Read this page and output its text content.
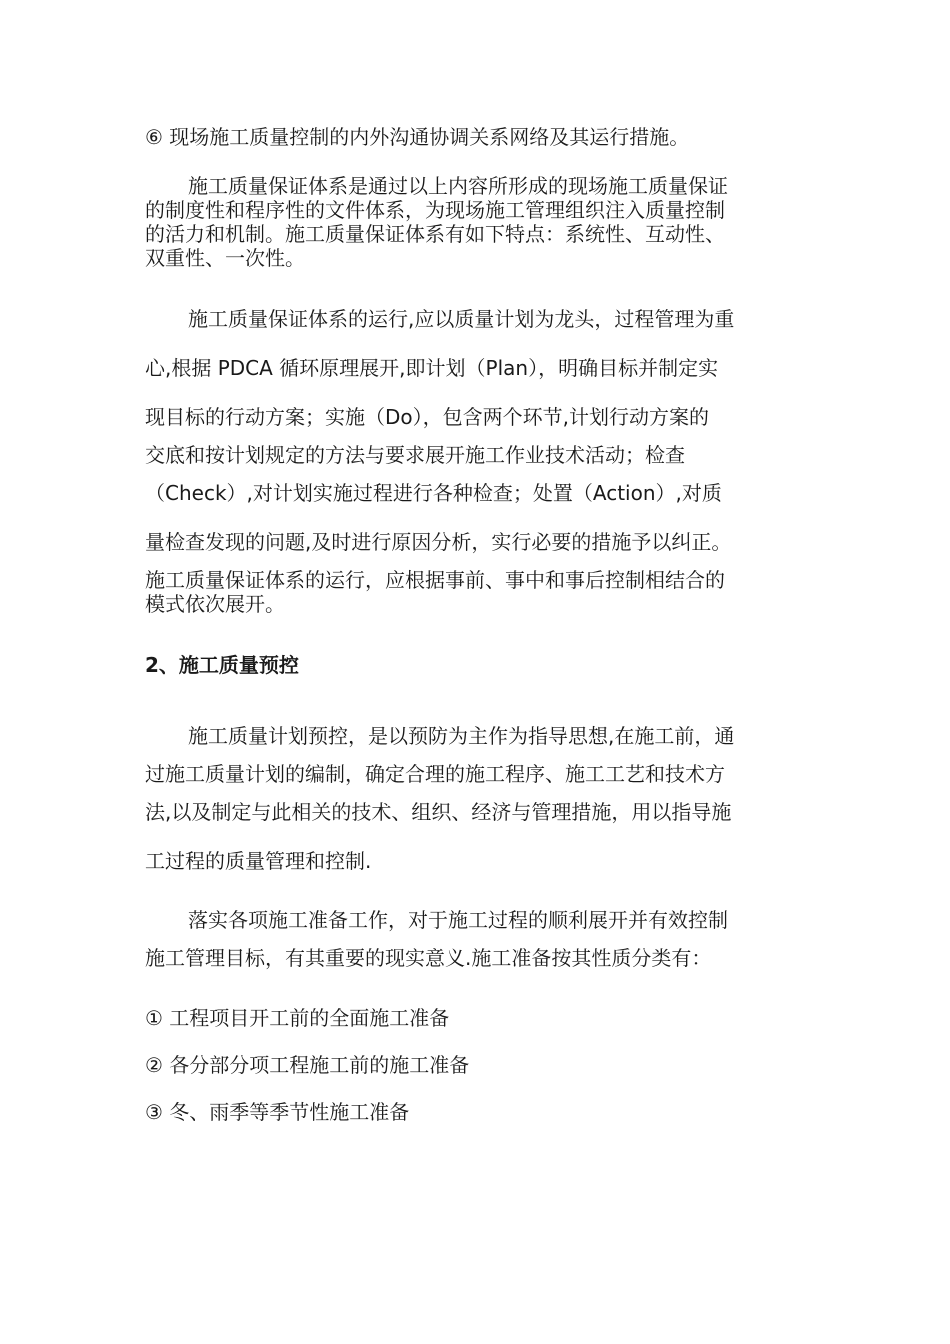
⑥ 现场施工质量控制的内外沟通协调关系网络及其运行措施。
施工质量保证体系是通过以上内容所形成的现场施工质量保证
的制度性和程序性的文件体系，为现场施工管理组织注入质量控制
的活力和机制。施工质量保证体系有如下特点：系统性、互动性、
双重性、一次性。
施工质量保证体系的运行,应以质量计划为龙头，过程管理为重
心,根据 PDCA 循环原理展开,即计划（Plan），明确目标并制定实
现目标的行动方案；实施（Do），包含两个环节,计划行动方案的
交底和按计划规定的方法与要求展开施工作业技术活动；检查
（Check）,对计划实施过程进行各种检查；处置（Action）,对质
量检查发现的问题,及时进行原因分析，实行必要的措施予以纠正。
施工质量保证体系的运行，应根据事前、事中和事后控制相结合的
模式依次展开。
2、施工质量预控
施工质量计划预控，是以预防为主作为指导思想,在施工前，通
过施工质量计划的编制，确定合理的施工程序、施工工艺和技术方
法,以及制定与此相关的技术、组织、经济与管理措施，用以指导施
工过程的质量管理和控制.
落实各项施工准备工作，对于施工过程的顺利展开并有效控制
施工管理目标，有其重要的现实意义.施工准备按其性质分类有：
① 工程项目开工前的全面施工准备
② 各分部分项工程施工前的施工准备
③ 冬、雨季等季节性施工准备
